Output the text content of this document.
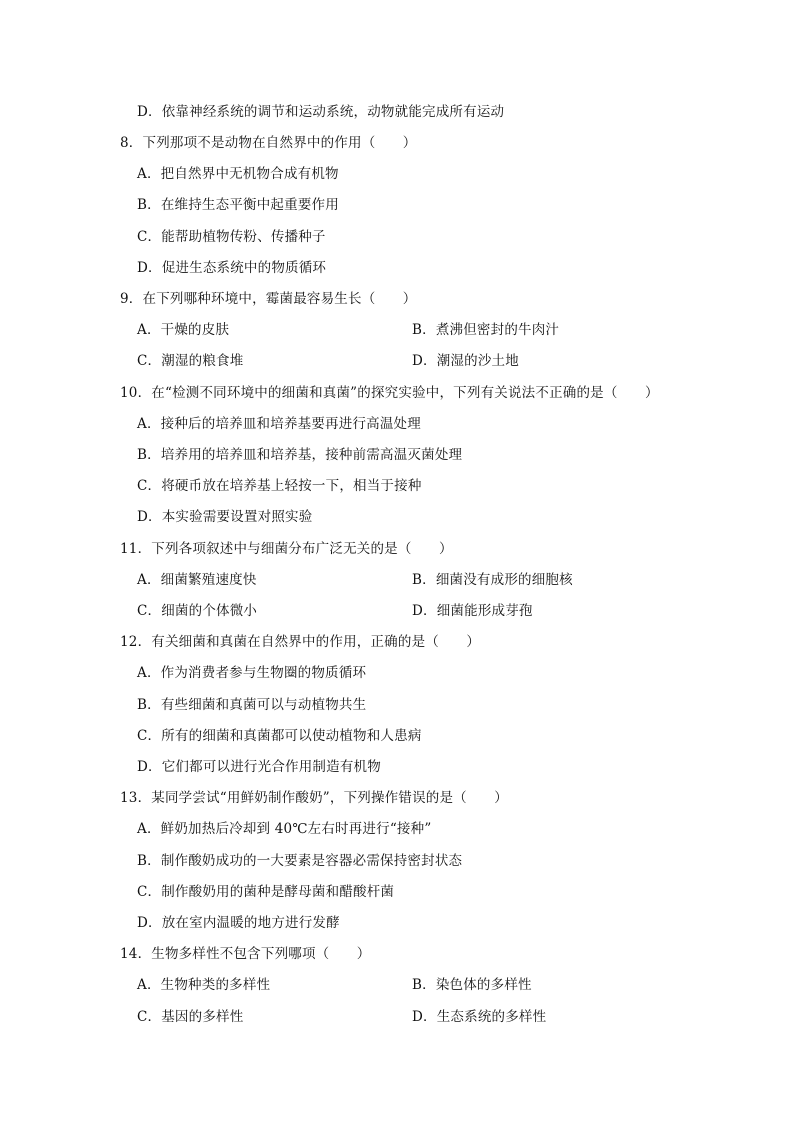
D．依靠神经系统的调节和运动系统，动物就能完成所有运动
8．下列那项不是动物在自然界中的作用（　　）
A．把自然界中无机物合成有机物
B．在维持生态平衡中起重要作用
C．能帮助植物传粉、传播种子
D．促进生态系统中的物质循环
9．在下列哪种环境中，霉菌最容易生长（　　）
A．干燥的皮肤	B．煮沸但密封的牛肉汁
C．潮湿的粮食堆	D．潮湿的沙土地
10．在“检测不同环境中的细菌和真菌”的探究实验中，下列有关说法不正确的是（　　）
A．接种后的培养皿和培养基要再进行高温处理
B．培养用的培养皿和培养基，接种前需高温灭菌处理
C．将硬币放在培养基上轻按一下，相当于接种
D．本实验需要设置对照实验
11．下列各项叙述中与细菌分布广泛无关的是（　　）
A．细菌繁殖速度快	B．细菌没有成形的细胞核
C．细菌的个体微小	D．细菌能形成芽孢
12．有关细菌和真菌在自然界中的作用，正确的是（　　）
A．作为消费者参与生物圈的物质循环
B．有些细菌和真菌可以与动植物共生
C．所有的细菌和真菌都可以使动植物和人患病
D．它们都可以进行光合作用制造有机物
13．某同学尝试“用鲜奶制作酸奶”，下列操作错误的是（　　）
A．鲜奶加热后冷却到 40℃左右时再进行“接种”
B．制作酸奶成功的一大要素是容器必需保持密封状态
C．制作酸奶用的菌种是酵母菌和醋酸杆菌
D．放在室内温暖的地方进行发酵
14．生物多样性不包含下列哪项（　　）
A．生物种类的多样性	B．染色体的多样性
C．基因的多样性	D．生态系统的多样性
